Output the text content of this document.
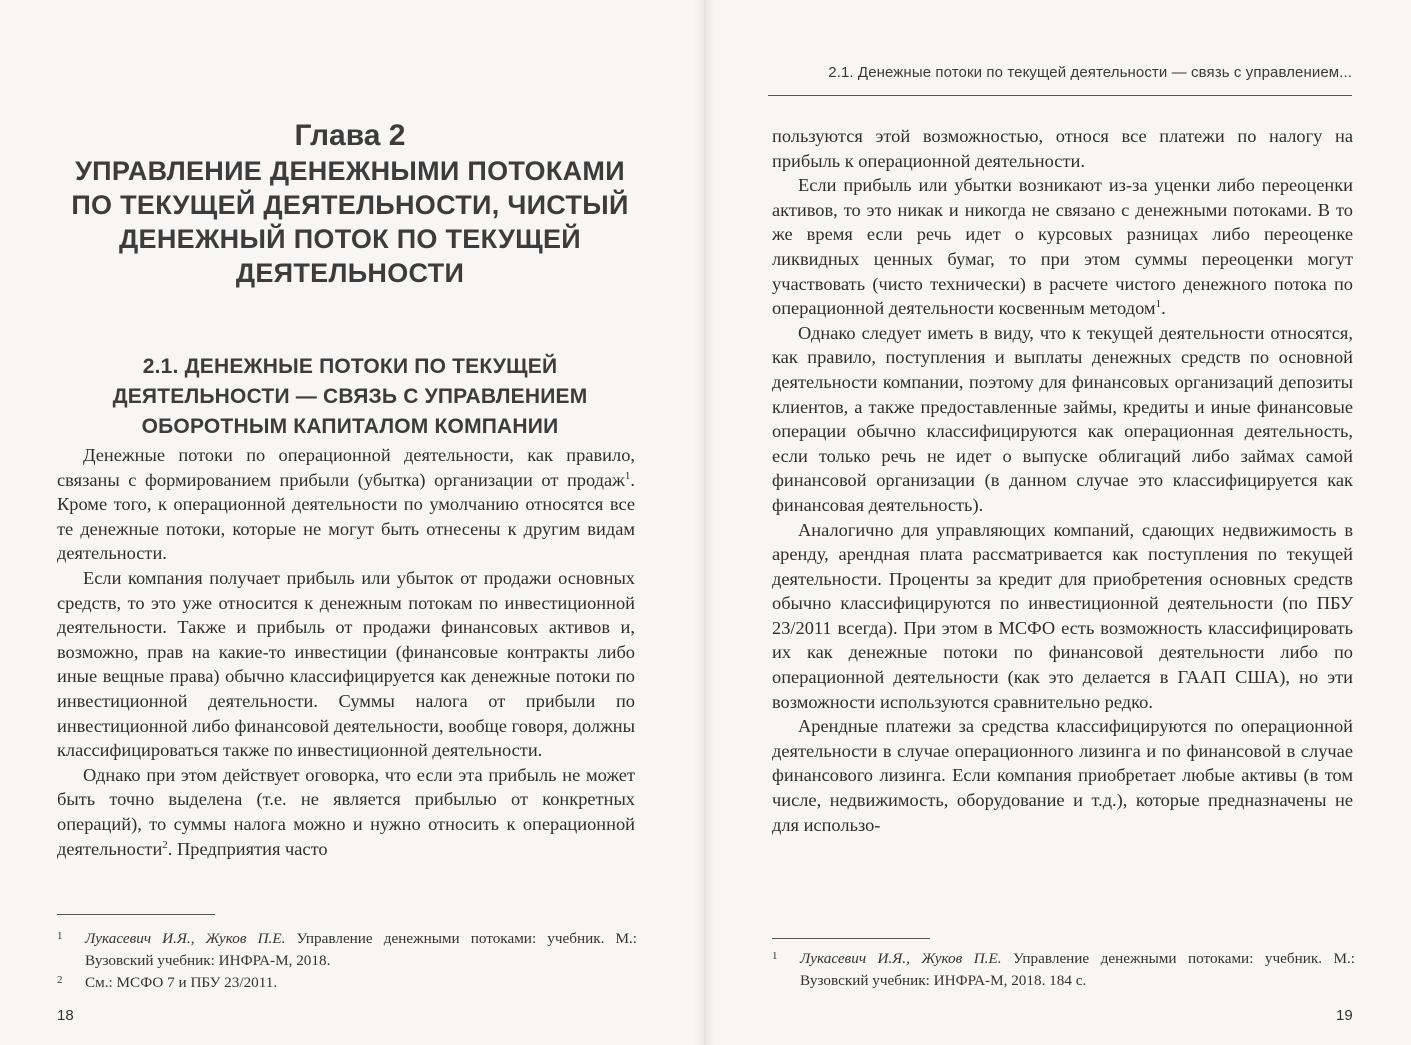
Глава 2
УПРАВЛЕНИЕ ДЕНЕЖНЫМИ ПОТОКАМИ
ПО ТЕКУЩЕЙ ДЕЯТЕЛЬНОСТИ, ЧИСТЫЙ
ДЕНЕЖНЫЙ ПОТОК ПО ТЕКУЩЕЙ
ДЕЯТЕЛЬНОСТИ
2.1. ДЕНЕЖНЫЕ ПОТОКИ ПО ТЕКУЩЕЙ
ДЕЯТЕЛЬНОСТИ — СВЯЗЬ С УПРАВЛЕНИЕМ
ОБОРОТНЫМ КАПИТАЛОМ КОМПАНИИ

Денежные потоки по операционной деятельности, как правило, связаны с формированием прибыли (убытка) организации от продаж$^1$. Кроме того, к операционной деятельности по умолчанию относятся все те денежные потоки, которые не могут быть отнесены к другим видам деятельности.

Если компания получает прибыль или убыток от продажи основных средств, то это уже относится к денежным потокам по инвестиционной деятельности. Также и прибыль от продажи финансовых активов и, возможно, прав на какие-то инвестиции (финансовые контракты либо иные вещные права) обычно классифицируется как денежные потоки по инвестиционной деятельности. Суммы налога от прибыли по инвестиционной либо финансовой деятельности, вообще говоря, должны классифицироваться также по инвестиционной деятельности.

Однако при этом действует оговорка, что если эта прибыль не может быть точно выделена (т.е. не является прибылью от конкретных операций), то суммы налога можно и нужно относить к операционной деятельности$^2$. Предприятия часто

1 Лукасевич И.Я., Жуков П.Е. Управление денежными потоками: учебник. М.: Вузовский учебник: ИНФРА-М, 2018.
2 См.: МСФО 7 и ПБУ 23/2011.
18
2.1. Денежные потоки по текущей деятельности — связь с управлением...

пользуются этой возможностью, относя все платежи по налогу на прибыль к операционной деятельности.

Если прибыль или убытки возникают из-за уценки либо переоценки активов, то это никак и никогда не связано с денежными потоками. В то же время если речь идет о курсовых разницах либо переоценке ликвидных ценных бумаг, то при этом суммы переоценки могут участвовать (чисто технически) в расчете чистого денежного потока по операционной деятельности косвенным методом$^1$.

Однако следует иметь в виду, что к текущей деятельности относятся, как правило, поступления и выплаты денежных средств по основной деятельности компании, поэтому для финансовых организаций депозиты клиентов, а также предоставленные займы, кредиты и иные финансовые операции обычно классифицируются как операционная деятельность, если только речь не идет о выпуске облигаций либо займах самой финансовой организации (в данном случае это классифицируется как финансовая деятельность).

Аналогично для управляющих компаний, сдающих недвижимость в аренду, арендная плата рассматривается как поступления по текущей деятельности. Проценты за кредит для приобретения основных средств обычно классифицируются по инвестиционной деятельности (по ПБУ 23/2011 всегда). При этом в МСФО есть возможность классифицировать их как денежные потоки по финансовой деятельности либо по операционной деятельности (как это делается в ГААП США), но эти возможности используются сравнительно редко.

Арендные платежи за средства классифицируются по операционной деятельности в случае операционного лизинга и по финансовой в случае финансового лизинга. Если компания приобретает любые активы (в том числе, недвижимость, оборудование и т.д.), которые предназначены не для использо-

1 Лукасевич И.Я., Жуков П.Е. Управление денежными потоками: учебник. М.: Вузовский учебник: ИНФРА-М, 2018. 184 с.
19
